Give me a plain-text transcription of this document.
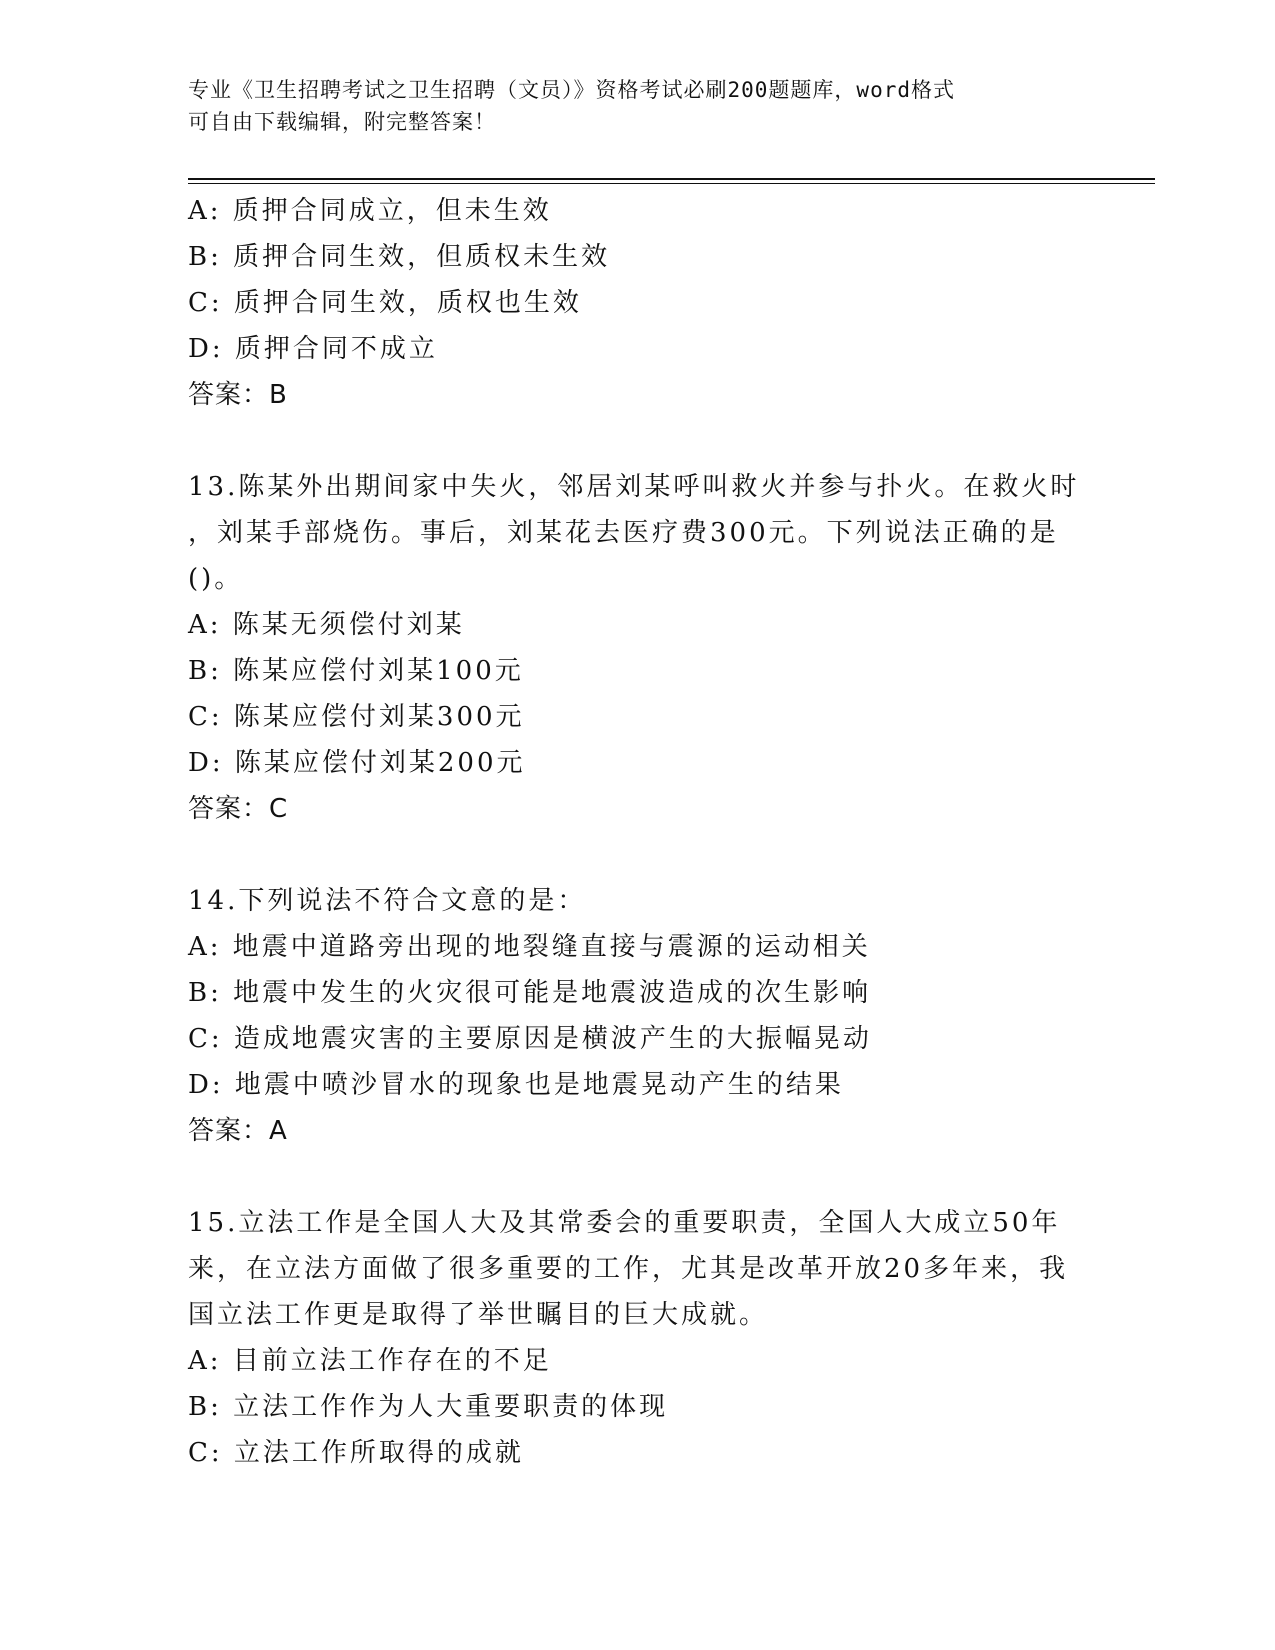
专业《卫生招聘考试之卫生招聘（文员）》资格考试必刷200题题库，word格式
可自由下载编辑，附完整答案！
A: 质押合同成立，但未生效
B: 质押合同生效，但质权未生效
C: 质押合同生效，质权也生效
D: 质押合同不成立
答案：B
13.陈某外出期间家中失火，邻居刘某呼叫救火并参与扑火。在救火时
，刘某手部烧伤。事后，刘某花去医疗费300元。下列说法正确的是
()。
A: 陈某无须偿付刘某
B: 陈某应偿付刘某100元
C: 陈某应偿付刘某300元
D: 陈某应偿付刘某200元
答案：C
14.下列说法不符合文意的是：
A: 地震中道路旁出现的地裂缝直接与震源的运动相关
B: 地震中发生的火灾很可能是地震波造成的次生影响
C: 造成地震灾害的主要原因是横波产生的大振幅晃动
D: 地震中喷沙冒水的现象也是地震晃动产生的结果
答案：A
15.立法工作是全国人大及其常委会的重要职责，全国人大成立50年
来，在立法方面做了很多重要的工作，尤其是改革开放20多年来，我
国立法工作更是取得了举世瞩目的巨大成就。
A: 目前立法工作存在的不足
B: 立法工作作为人大重要职责的体现
C: 立法工作所取得的成就
